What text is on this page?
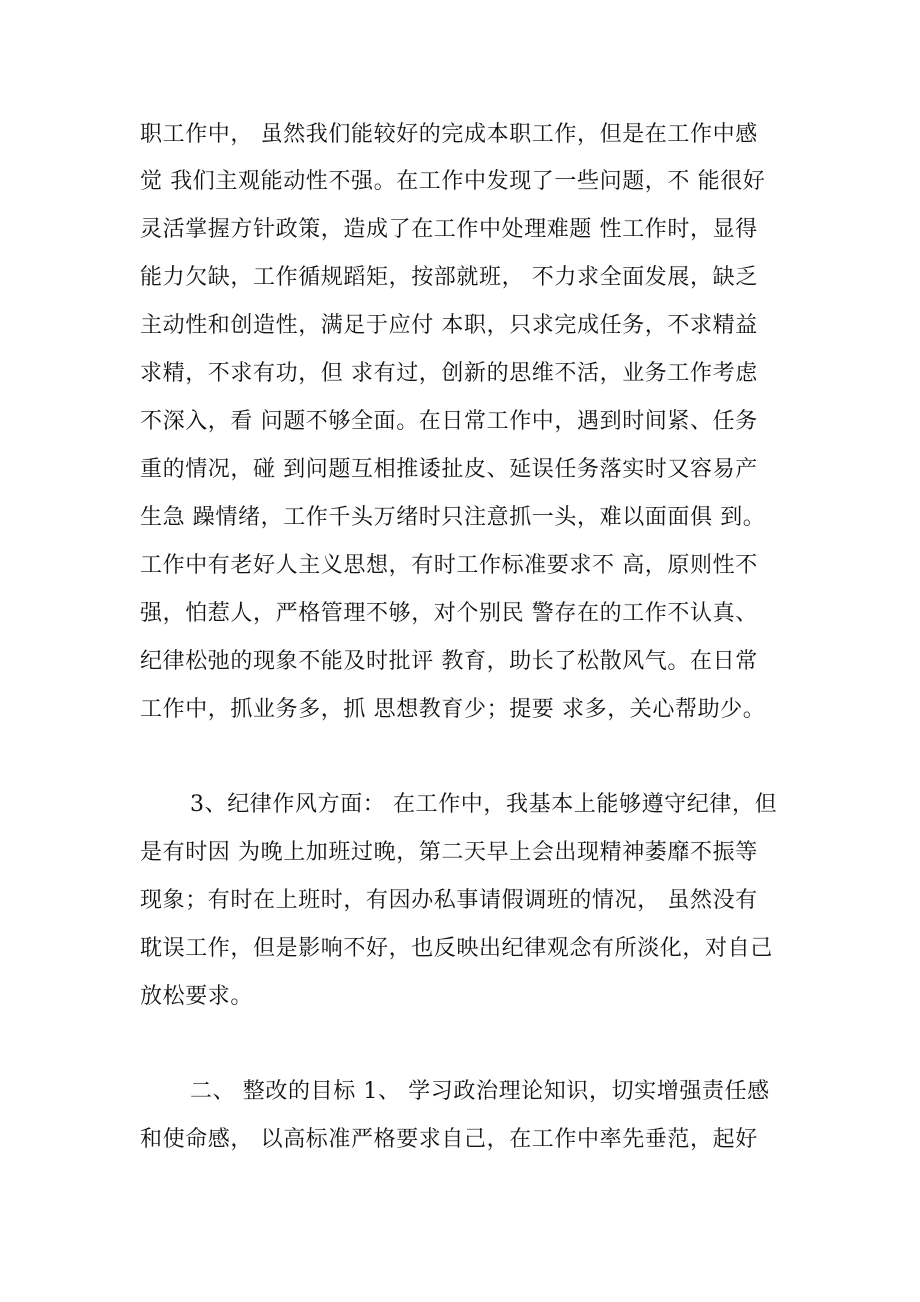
职工作中， 虽然我们能较好的完成本职工作，但是在工作中感
觉 我们主观能动性不强。在工作中发现了一些问题，不 能很好
灵活掌握方针政策，造成了在工作中处理难题 性工作时，显得
能力欠缺，工作循规蹈矩，按部就班， 不力求全面发展，缺乏
主动性和创造性，满足于应付 本职，只求完成任务，不求精益
求精，不求有功，但 求有过，创新的思维不活，业务工作考虑
不深入，看 问题不够全面。在日常工作中，遇到时间紧、任务
重的情况，碰 到问题互相推诿扯皮、延误任务落实时又容易产
生急 躁情绪，工作千头万绪时只注意抓一头，难以面面俱 到。
工作中有老好人主义思想，有时工作标准要求不 高，原则性不
强，怕惹人，严格管理不够，对个别民 警存在的工作不认真、
纪律松弛的现象不能及时批评 教育，助长了松散风气。在日常
工作中，抓业务多，抓 思想教育少；提要 求多，关心帮助少。
3、纪律作风方面： 在工作中，我基本上能够遵守纪律，但
是有时因 为晚上加班过晚，第二天早上会出现精神萎靡不振等
现象；有时在上班时，有因办私事请假调班的情况， 虽然没有
耽误工作，但是影响不好，也反映出纪律观念有所淡化，对自己
放松要求。
二、 整改的目标 1、 学习政治理论知识，切实增强责任感
和使命感， 以高标准严格要求自己，在工作中率先垂范，起好
